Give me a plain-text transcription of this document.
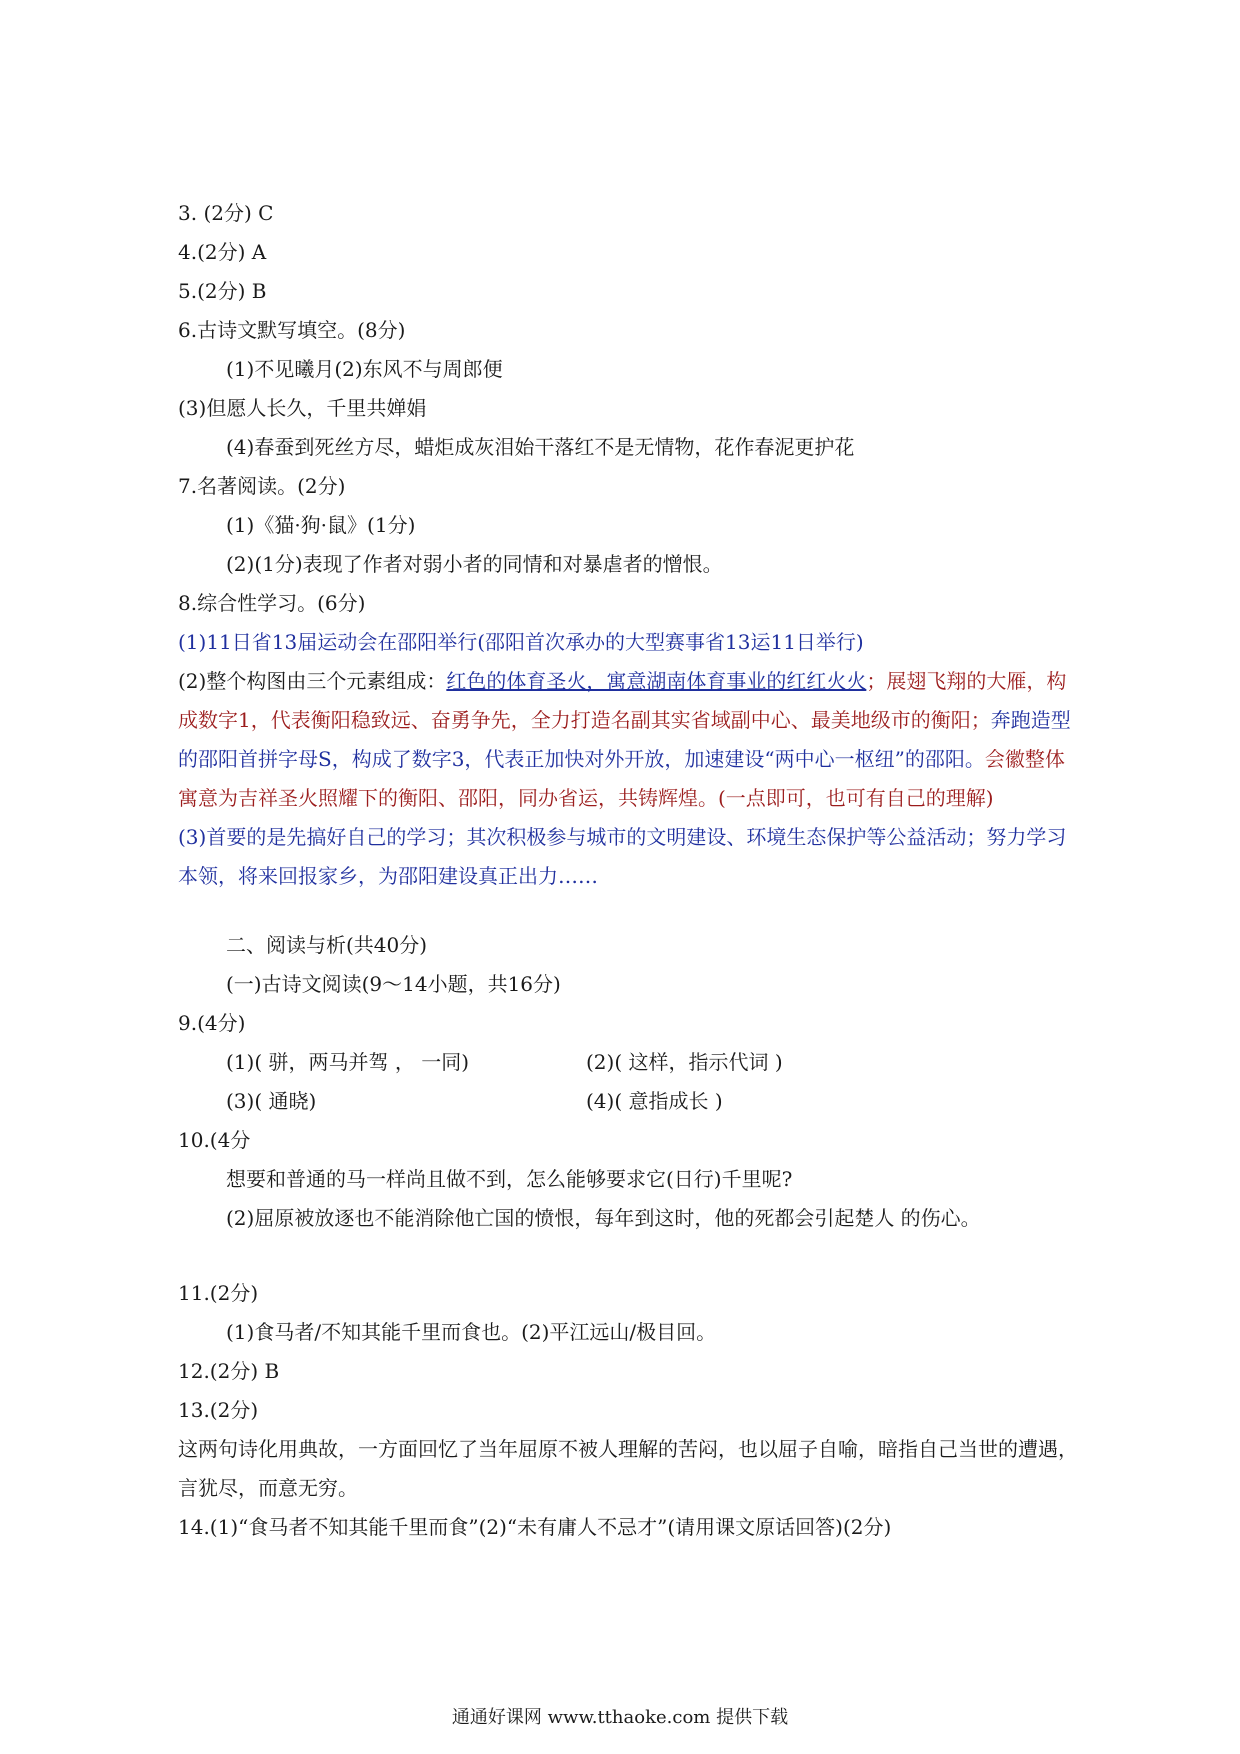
3. (2分) C
4.(2分) A
5.(2分) B
6.古诗文默写填空。(8分)
(1)不见曦月(2)东风不与周郎便
(3)但愿人长久，千里共婵娟
(4)春蚕到死丝方尽，蜡炬成灰泪始干落红不是无情物，花作春泥更护花
7.名著阅读。(2分)
(1)《猫·狗·鼠》(1分)
(2)(1分)表现了作者对弱小者的同情和对暴虐者的憎恨。
8.综合性学习。(6分)
(1)11日省13届运动会在邵阳举行(邵阳首次承办的大型赛事省13运11日举行)
(2)整个构图由三个元素组成：红色的体育圣火，寓意湖南体育事业的红红火火；展翅飞翔的大雁，构成数字1，代表衡阳稳致远、奋勇争先，全力打造名副其实省域副中心、最美地级市的衡阳；奔跑造型的邵阳首拼字母S，构成了数字3，代表正加快对外开放，加速建设“两中心一枢纽”的邵阳。会徽整体寓意为吉祥圣火照耀下的衡阳、邵阳，同办省运，共铸辉煌。(一点即可，也可有自己的理解)
(3)首要的是先搞好自己的学习；其次积极参与城市的文明建设、环境生态保护等公益活动；努力学习本领，将来回报家乡，为邵阳建设真正出力……
二、阅读与析(共40分)
(一)古诗文阅读(9～14小题，共16分)
9.(4分)
(1)( 骈，两马并驾 ， 一同)	(2)( 这样，指示代词 )
(3)( 通晓)	(4)( 意指成长 )
10.(4分
想要和普通的马一样尚且做不到，怎么能够要求它(日行)千里呢?
(2)屈原被放逐也不能消除他亡国的愤恨，每年到这时，他的死都会引起楚人 的伤心。
11.(2分)
(1)食马者/不知其能千里而食也。(2)平江远山/极目回。
12.(2分) B
13.(2分)
这两句诗化用典故，一方面回忆了当年屈原不被人理解的苦闷，也以屈子自喻，暗指自己当世的遭遇，言犹尽，而意无穷。
14.(1)“食马者不知其能千里而食”(2)“未有庸人不忌才”(请用课文原话回答)(2分)
通通好课网 www.tthaoke.com 提供下载
